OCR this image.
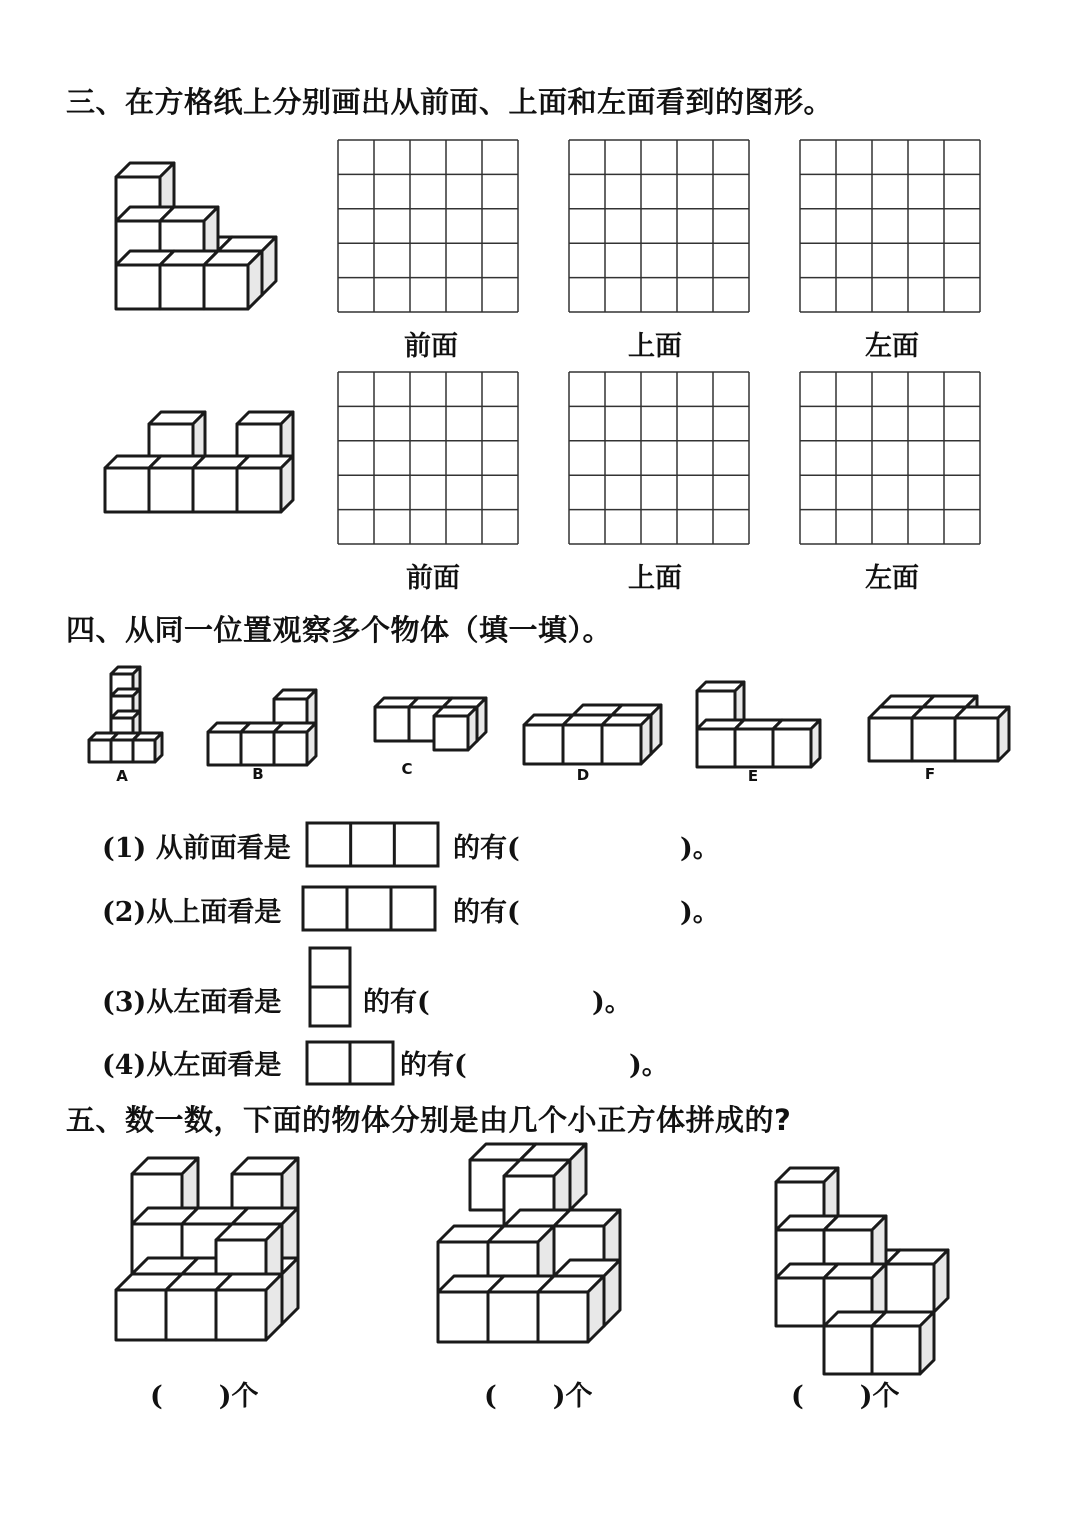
三、在方格纸上分别画出从前面、上面和左面看到的图形。
前面	上面	左面
前面	上面	左面
四、从同一位置观察多个物体（填一填）。
A	B	C	D	E	F
(1) 从前面看是	的有(	)。
(2)从上面看是	的有(	)。
(3)从左面看是	的有(	)。
(4)从左面看是	的有(	)。
五、数一数，下面的物体分别是由几个小正方体拼成的?
( )个	( )个	( )个
